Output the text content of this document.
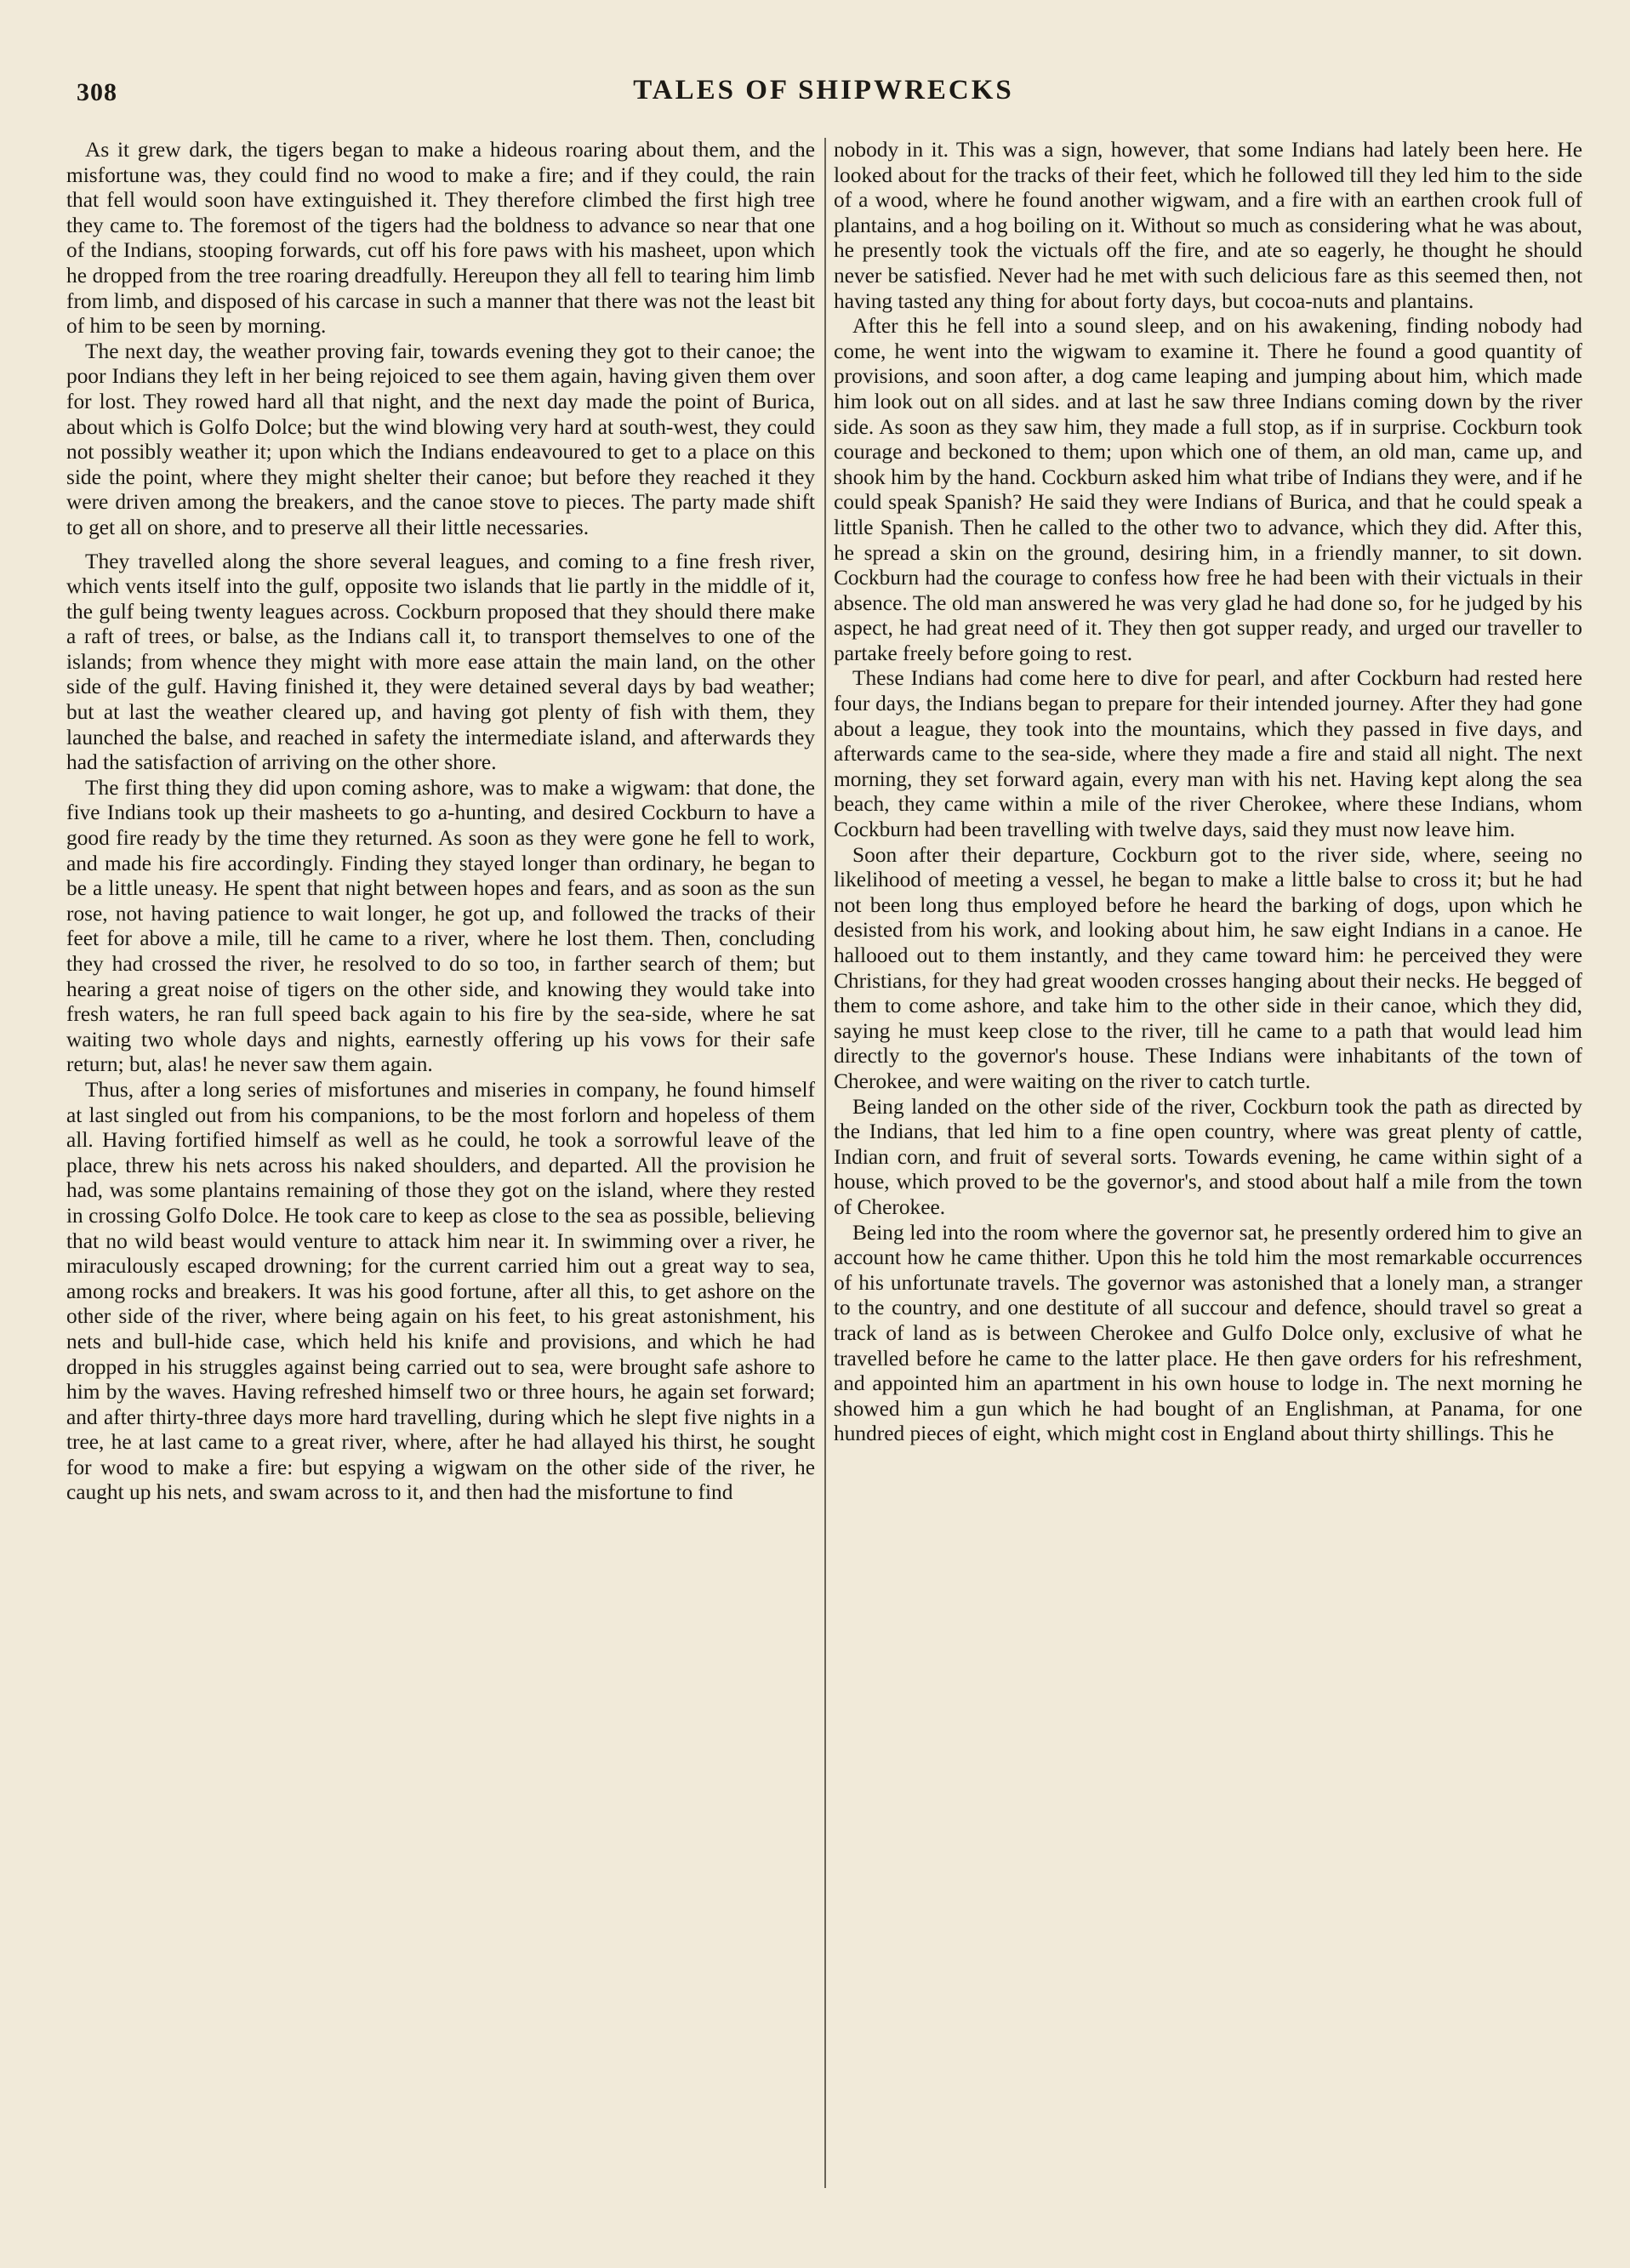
308	TALES OF SHIPWRECKS

As it grew dark, the tigers began to make a hideous roaring about them, and the misfortune was, they could find no wood to make a fire; and if they could, the rain that fell would soon have extinguished it. They therefore climbed the first high tree they came to. The foremost of the tigers had the boldness to advance so near that one of the Indians, stooping forwards, cut off his fore paws with his masheet, upon which he dropped from the tree roaring dreadfully. Hereupon they all fell to tearing him limb from limb, and disposed of his carcase in such a manner that there was not the least bit of him to be seen by morning.

The next day, the weather proving fair, towards evening they got to their canoe; the poor Indians they left in her being rejoiced to see them again, having given them over for lost. They rowed hard all that night, and the next day made the point of Burica, about which is Golfo Dolce; but the wind blowing very hard at south-west, they could not possibly weather it; upon which the Indians endeavoured to get to a place on this side the point, where they might shelter their canoe; but before they reached it they were driven among the breakers, and the canoe stove to pieces. The party made shift to get all on shore, and to preserve all their little necessaries.

They travelled along the shore several leagues, and coming to a fine fresh river, which vents itself into the gulf, opposite two islands that lie partly in the middle of it, the gulf being twenty leagues across. Cockburn proposed that they should there make a raft of trees, or balse, as the Indians call it, to transport themselves to one of the islands; from whence they might with more ease attain the main land, on the other side of the gulf. Having finished it, they were detained several days by bad weather; but at last the weather cleared up, and having got plenty of fish with them, they launched the balse, and reached in safety the intermediate island, and afterwards they had the satisfaction of arriving on the other shore.

The first thing they did upon coming ashore, was to make a wigwam: that done, the five Indians took up their masheets to go a-hunting, and desired Cockburn to have a good fire ready by the time they returned. As soon as they were gone he fell to work, and made his fire accordingly. Finding they stayed longer than ordinary, he began to be a little uneasy. He spent that night between hopes and fears, and as soon as the sun rose, not having patience to wait longer, he got up, and followed the tracks of their feet for above a mile, till he came to a river, where he lost them. Then, concluding they had crossed the river, he resolved to do so too, in farther search of them; but hearing a great noise of tigers on the other side, and knowing they would take into fresh waters, he ran full speed back again to his fire by the sea-side, where he sat waiting two whole days and nights, earnestly offering up his vows for their safe return; but, alas! he never saw them again.

Thus, after a long series of misfortunes and miseries in company, he found himself at last singled out from his companions, to be the most forlorn and hopeless of them all. Having fortified himself as well as he could, he took a sorrowful leave of the place, threw his nets across his naked shoulders, and departed. All the provision he had, was some plantains remaining of those they got on the island, where they rested in crossing Golfo Dolce. He took care to keep as close to the sea as possible, believing that no wild beast would venture to attack him near it. In swimming over a river, he miraculously escaped drowning; for the current carried him out a great way to sea, among rocks and breakers. It was his good fortune, after all this, to get ashore on the other side of the river, where being again on his feet, to his great astonishment, his nets and bull-hide case, which held his knife and provisions, and which he had dropped in his struggles against being carried out to sea, were brought safe ashore to him by the waves. Having refreshed himself two or three hours, he again set forward; and after thirty-three days more hard travelling, during which he slept five nights in a tree, he at last came to a great river, where, after he had allayed his thirst, he sought for wood to make a fire: but espying a wigwam on the other side of the river, he caught up his nets, and swam across to it, and then had the misfortune to find

nobody in it. This was a sign, however, that some Indians had lately been here. He looked about for the tracks of their feet, which he followed till they led him to the side of a wood, where he found another wigwam, and a fire with an earthen crook full of plantains, and a hog boiling on it. Without so much as considering what he was about, he presently took the victuals off the fire, and ate so eagerly, he thought he should never be satisfied. Never had he met with such delicious fare as this seemed then, not having tasted any thing for about forty days, but cocoa-nuts and plantains.

After this he fell into a sound sleep, and on his awakening, finding nobody had come, he went into the wigwam to examine it. There he found a good quantity of provisions, and soon after, a dog came leaping and jumping about him, which made him look out on all sides. and at last he saw three Indians coming down by the river side. As soon as they saw him, they made a full stop, as if in surprise. Cockburn took courage and beckoned to them; upon which one of them, an old man, came up, and shook him by the hand. Cockburn asked him what tribe of Indians they were, and if he could speak Spanish? He said they were Indians of Burica, and that he could speak a little Spanish. Then he called to the other two to advance, which they did. After this, he spread a skin on the ground, desiring him, in a friendly manner, to sit down. Cockburn had the courage to confess how free he had been with their victuals in their absence. The old man answered he was very glad he had done so, for he judged by his aspect, he had great need of it. They then got supper ready, and urged our traveller to partake freely before going to rest.

These Indians had come here to dive for pearl, and after Cockburn had rested here four days, the Indians began to prepare for their intended journey. After they had gone about a league, they took into the mountains, which they passed in five days, and afterwards came to the sea-side, where they made a fire and staid all night. The next morning, they set forward again, every man with his net. Having kept along the sea beach, they came within a mile of the river Cherokee, where these Indians, whom Cockburn had been travelling with twelve days, said they must now leave him.

Soon after their departure, Cockburn got to the river side, where, seeing no likelihood of meeting a vessel, he began to make a little balse to cross it; but he had not been long thus employed before he heard the barking of dogs, upon which he desisted from his work, and looking about him, he saw eight Indians in a canoe. He hallooed out to them instantly, and they came toward him: he perceived they were Christians, for they had great wooden crosses hanging about their necks. He begged of them to come ashore, and take him to the other side in their canoe, which they did, saying he must keep close to the river, till he came to a path that would lead him directly to the governor's house. These Indians were inhabitants of the town of Cherokee, and were waiting on the river to catch turtle.

Being landed on the other side of the river, Cockburn took the path as directed by the Indians, that led him to a fine open country, where was great plenty of cattle, Indian corn, and fruit of several sorts. Towards evening, he came within sight of a house, which proved to be the governor's, and stood about half a mile from the town of Cherokee.

Being led into the room where the governor sat, he presently ordered him to give an account how he came thither. Upon this he told him the most remarkable occurrences of his unfortunate travels. The governor was astonished that a lonely man, a stranger to the country, and one destitute of all succour and defence, should travel so great a track of land as is between Cherokee and Gulfo Dolce only, exclusive of what he travelled before he came to the latter place. He then gave orders for his refreshment, and appointed him an apartment in his own house to lodge in. The next morning he showed him a gun which he had bought of an Englishman, at Panama, for one hundred pieces of eight, which might cost in England about thirty shillings. This he
